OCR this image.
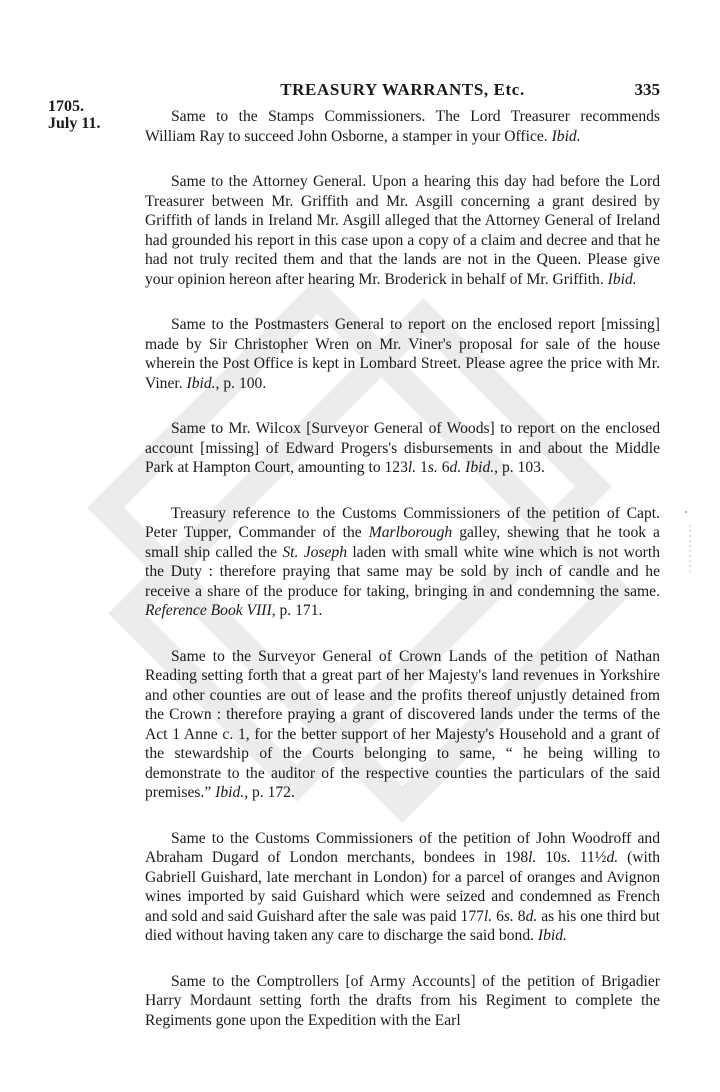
TREASURY WARRANTS, Etc.	335
1705.
July 11.	Same to the Stamps Commissioners. The Lord Treasurer recommends William Ray to succeed John Osborne, a stamper in your Office. Ibid.

Same to the Attorney General. Upon a hearing this day had before the Lord Treasurer between Mr. Griffith and Mr. Asgill concerning a grant desired by Griffith of lands in Ireland Mr. Asgill alleged that the Attorney General of Ireland had grounded his report in this case upon a copy of a claim and decree and that he had not truly recited them and that the lands are not in the Queen. Please give your opinion hereon after hearing Mr. Broderick in behalf of Mr. Griffith. Ibid.

Same to the Postmasters General to report on the enclosed report [missing] made by Sir Christopher Wren on Mr. Viner's proposal for sale of the house wherein the Post Office is kept in Lombard Street. Please agree the price with Mr. Viner. Ibid., p. 100.

Same to Mr. Wilcox [Surveyor General of Woods] to report on the enclosed account [missing] of Edward Progers's disbursements in and about the Middle Park at Hampton Court, amounting to 123l. 1s. 6d. Ibid., p. 103.

Treasury reference to the Customs Commissioners of the petition of Capt. Peter Tupper, Commander of the Marlborough galley, shewing that he took a small ship called the St. Joseph laden with small white wine which is not worth the Duty : therefore praying that same may be sold by inch of candle and he receive a share of the produce for taking, bringing in and condemning the same. Reference Book VIII, p. 171.

Same to the Surveyor General of Crown Lands of the petition of Nathan Reading setting forth that a great part of her Majesty's land revenues in Yorkshire and other counties are out of lease and the profits thereof unjustly detained from the Crown : therefore praying a grant of discovered lands under the terms of the Act 1 Anne c. 1, for the better support of her Majesty's Household and a grant of the stewardship of the Courts belonging to same, “ he being willing to demonstrate to the auditor of the respective counties the particulars of the said premises.” Ibid., p. 172.

Same to the Customs Commissioners of the petition of John Woodroff and Abraham Dugard of London merchants, bondees in 198l. 10s. 11½d. (with Gabriell Guishard, late merchant in London) for a parcel of oranges and Avignon wines imported by said Guishard which were seized and condemned as French and sold and said Guishard after the sale was paid 177l. 6s. 8d. as his one third but died without having taken any care to discharge the said bond. Ibid.

Same to the Comptrollers [of Army Accounts] of the petition of Brigadier Harry Mordaunt setting forth the drafts from his Regiment to complete the Regiments gone upon the Expedition with the Earl
